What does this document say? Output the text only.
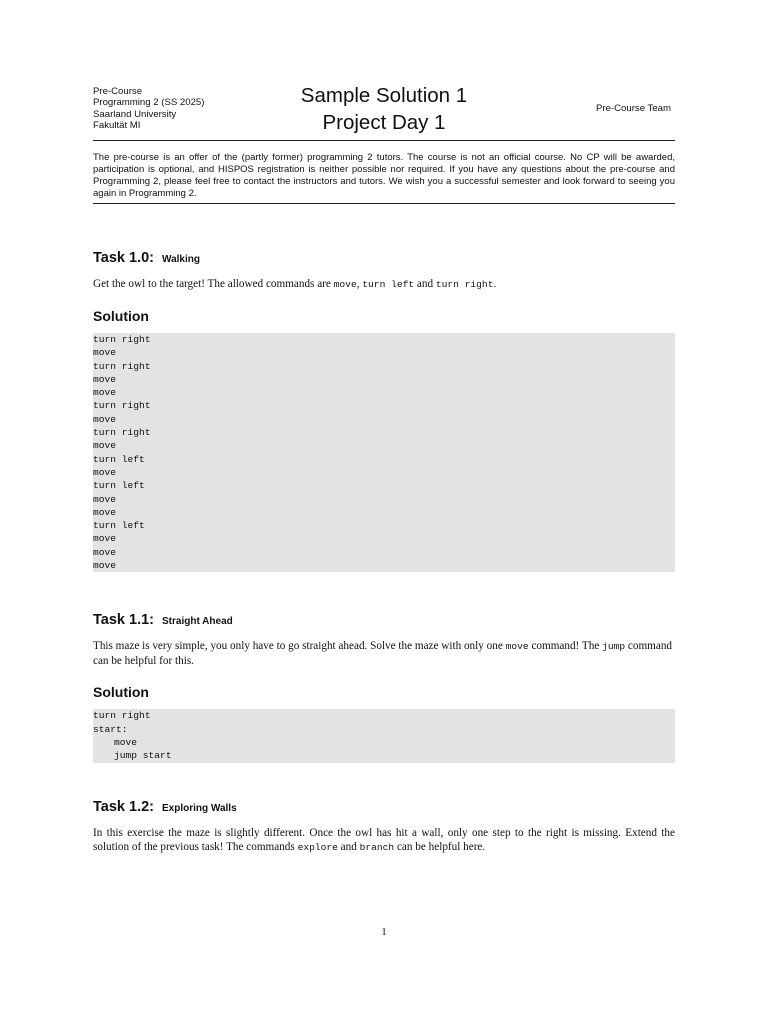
Pre-Course
Programming 2 (SS 2025)
Saarland University
Fakultät MI
Sample Solution 1
Project Day 1
Pre-Course Team

The pre-course is an offer of the (partly former) programming 2 tutors. The course is not an official course. No CP will be awarded, participation is optional, and HISPOS registration is neither possible nor required. If you have any questions about the pre-course and Programming 2, please feel free to contact the instructors and tutors. We wish you a successful semester and look forward to seeing you again in Programming 2.

Task 1.0: Walking

Get the owl to the target! The allowed commands are move, turn left and turn right.

Solution
turn right
move
turn right
move
move
turn right
move
turn right
move
turn left
move
turn left
move
move
turn left
move
move
move
Task 1.1: Straight Ahead

This maze is very simple, you only have to go straight ahead. Solve the maze with only one move command! The jump command can be helpful for this.

Solution
turn right
start:
move
jump start
Task 1.2: Exploring Walls

In this exercise the maze is slightly different. Once the owl has hit a wall, only one step to the right is missing. Extend the solution of the previous task! The commands explore and branch can be helpful here.

1
